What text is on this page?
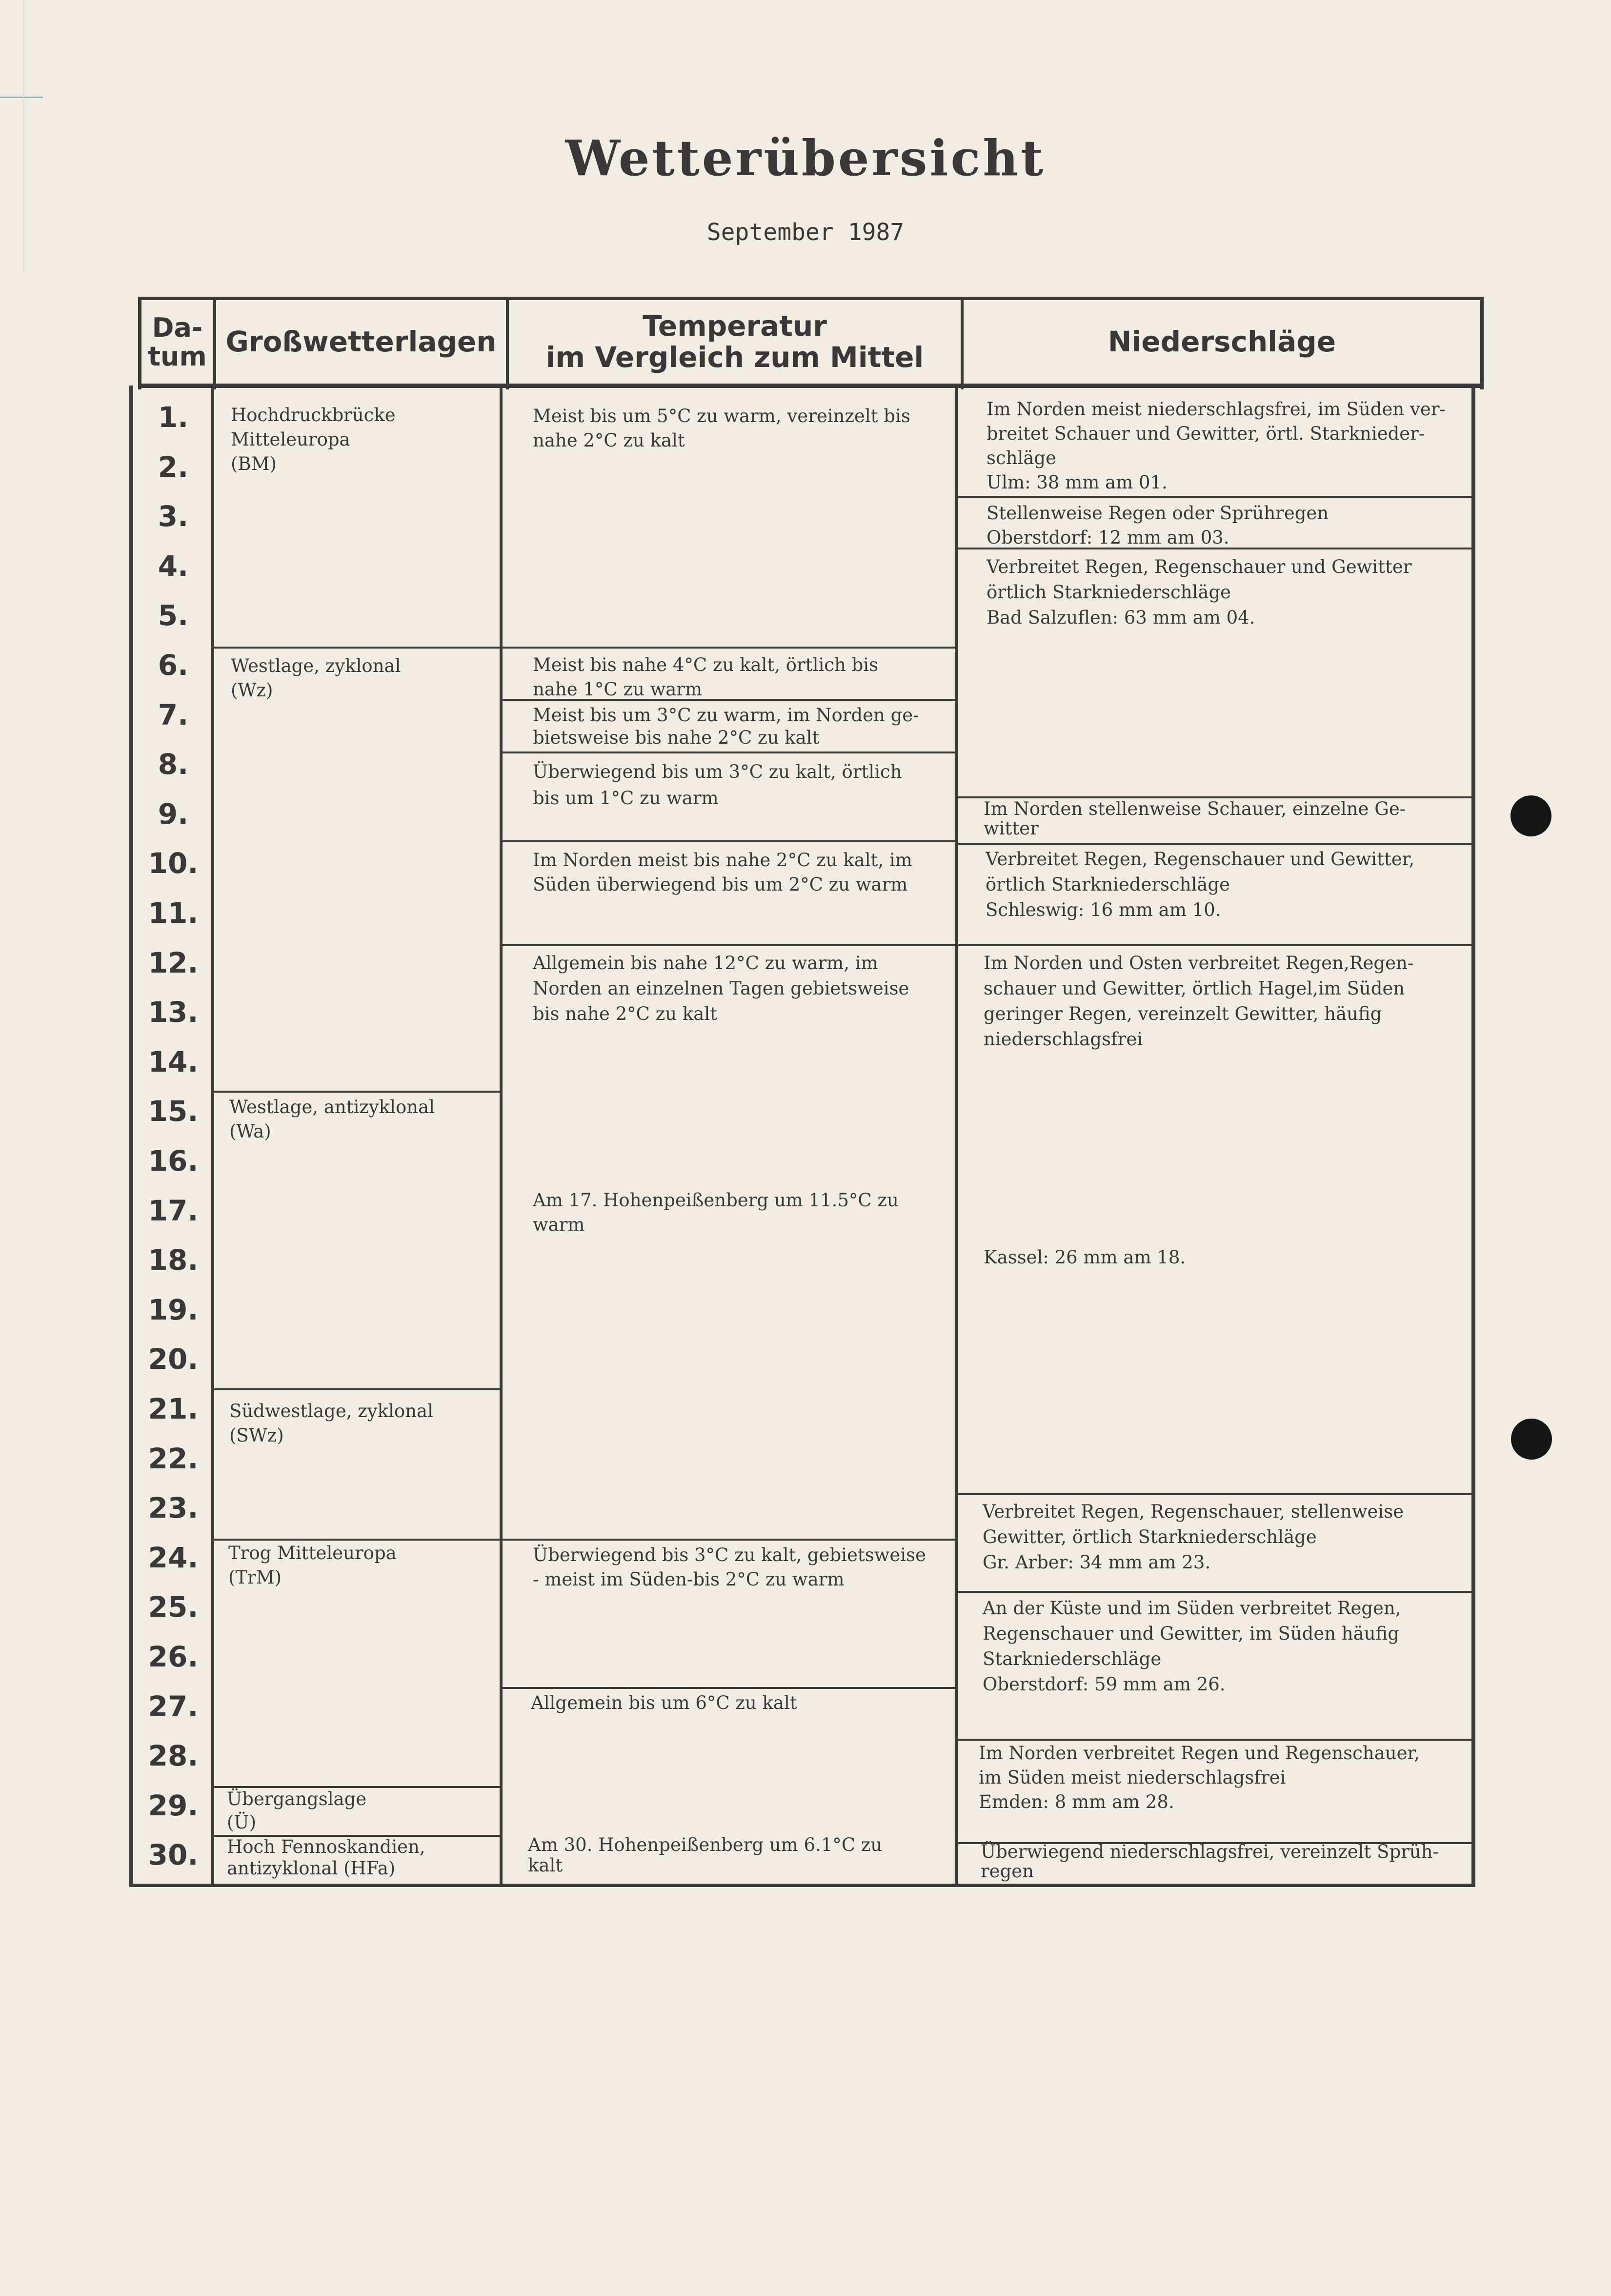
Wetterübersicht
September 1987
Da-
tum Großwetterlagen	Temperatur
im Vergleich zum Mittel	Niederschläge
1.
2.
3.
4.
5.
6.
7.
8.
9.
10.
11.
12.
13.
14.
15.
16.
17.
18.
19.
20.
21.
22.
23.
24.
25.
26.
27.
28.
29.
30.
Hochdruckbrücke
Mitteleuropa
(BM)
Westlage, zyklonal
(Wz)
Westlage, antizyklonal
(Wa)
Südwestlage, zyklonal
(SWz)
Trog Mitteleuropa
(TrM)
Übergangslage
(Ü)
Hoch Fennoskandien,
antizyklonal (HFa)
Meist bis um 5°C zu warm, vereinzelt bis
nahe 2°C zu kalt
Meist bis nahe 4°C zu kalt, örtlich bis
nahe 1°C zu warm
Meist bis um 3°C zu warm, im Norden ge-
bietsweise bis nahe 2°C zu kalt
Überwiegend bis um 3°C zu kalt, örtlich
bis um 1°C zu warm
Im Norden meist bis nahe 2°C zu kalt, im
Süden überwiegend bis um 2°C zu warm
Allgemein bis nahe 12°C zu warm, im
Norden an einzelnen Tagen gebietsweise
bis nahe 2°C zu kalt
Am 17. Hohenpeißenberg um 11.5°C zu
warm
Überwiegend bis 3°C zu kalt, gebietsweise
- meist im Süden-bis 2°C zu warm
Allgemein bis um 6°C zu kalt
Am 30. Hohenpeißenberg um 6.1°C zu
kalt
Im Norden meist niederschlagsfrei, im Süden ver-
breitet Schauer und Gewitter, örtl. Starknieder-
schläge
Ulm: 38 mm am 01.
Stellenweise Regen oder Sprühregen
Oberstdorf: 12 mm am 03.
Verbreitet Regen, Regenschauer und Gewitter
örtlich Starkniederschläge
Bad Salzuflen: 63 mm am 04.
Im Norden stellenweise Schauer, einzelne Ge-
witter
Verbreitet Regen, Regenschauer und Gewitter,
örtlich Starkniederschläge
Schleswig: 16 mm am 10.
Im Norden und Osten verbreitet Regen,Regen-
schauer und Gewitter, örtlich Hagel,im Süden
geringer Regen, vereinzelt Gewitter, häufig
niederschlagsfrei
Kassel: 26 mm am 18.
Verbreitet Regen, Regenschauer, stellenweise
Gewitter, örtlich Starkniederschläge
Gr. Arber: 34 mm am 23.
An der Küste und im Süden verbreitet Regen,
Regenschauer und Gewitter, im Süden häufig
Starkniederschläge
Oberstdorf: 59 mm am 26.
Im Norden verbreitet Regen und Regenschauer,
im Süden meist niederschlagsfrei
Emden: 8 mm am 28.
Überwiegend niederschlagsfrei, vereinzelt Sprüh-
regen
